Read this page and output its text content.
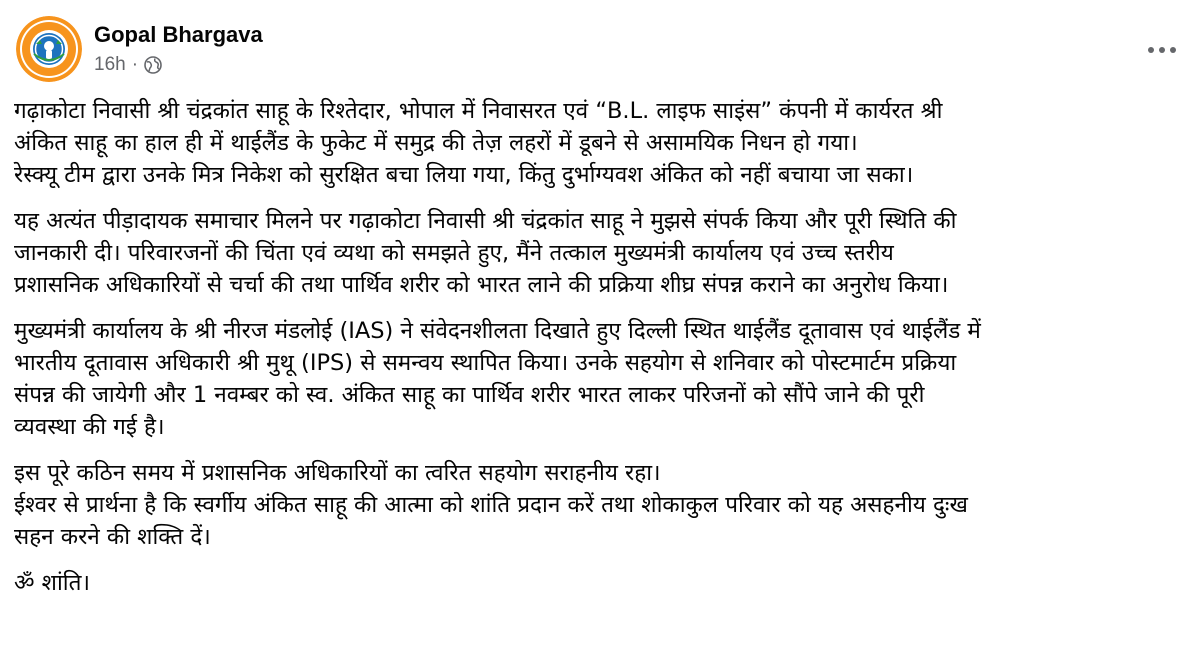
Gopal Bhargava
16h ·

गढ़ाकोटा निवासी श्री चंद्रकांत साहू के रिश्तेदार, भोपाल में निवासरत एवं “B.L. लाइफ साइंस” कंपनी में कार्यरत श्री
अंकित साहू का हाल ही में थाईलैंड के फुकेट में समुद्र की तेज़ लहरों में डूबने से असामयिक निधन हो गया।
रेस्क्यू टीम द्वारा उनके मित्र निकेश को सुरक्षित बचा लिया गया, किंतु दुर्भाग्यवश अंकित को नहीं बचाया जा सका।

यह अत्यंत पीड़ादायक समाचार मिलने पर गढ़ाकोटा निवासी श्री चंद्रकांत साहू ने मुझसे संपर्क किया और पूरी स्थिति की
जानकारी दी। परिवारजनों की चिंता एवं व्यथा को समझते हुए, मैंने तत्काल मुख्यमंत्री कार्यालय एवं उच्च स्तरीय
प्रशासनिक अधिकारियों से चर्चा की तथा पार्थिव शरीर को भारत लाने की प्रक्रिया शीघ्र संपन्न कराने का अनुरोध किया।

मुख्यमंत्री कार्यालय के श्री नीरज मंडलोई (IAS) ने संवेदनशीलता दिखाते हुए दिल्ली स्थित थाईलैंड दूतावास एवं थाईलैंड में
भारतीय दूतावास अधिकारी श्री मुथू (IPS) से समन्वय स्थापित किया। उनके सहयोग से शनिवार को पोस्टमार्टम प्रक्रिया
संपन्न की जायेगी और 1 नवम्बर को स्व. अंकित साहू का पार्थिव शरीर भारत लाकर परिजनों को सौंपे जाने की पूरी
व्यवस्था की गई है।

इस पूरे कठिन समय में प्रशासनिक अधिकारियों का त्वरित सहयोग सराहनीय रहा।
ईश्वर से प्रार्थना है कि स्वर्गीय अंकित साहू की आत्मा को शांति प्रदान करें तथा शोकाकुल परिवार को यह असहनीय दुःख
सहन करने की शक्ति दें।

ॐ शांति।
